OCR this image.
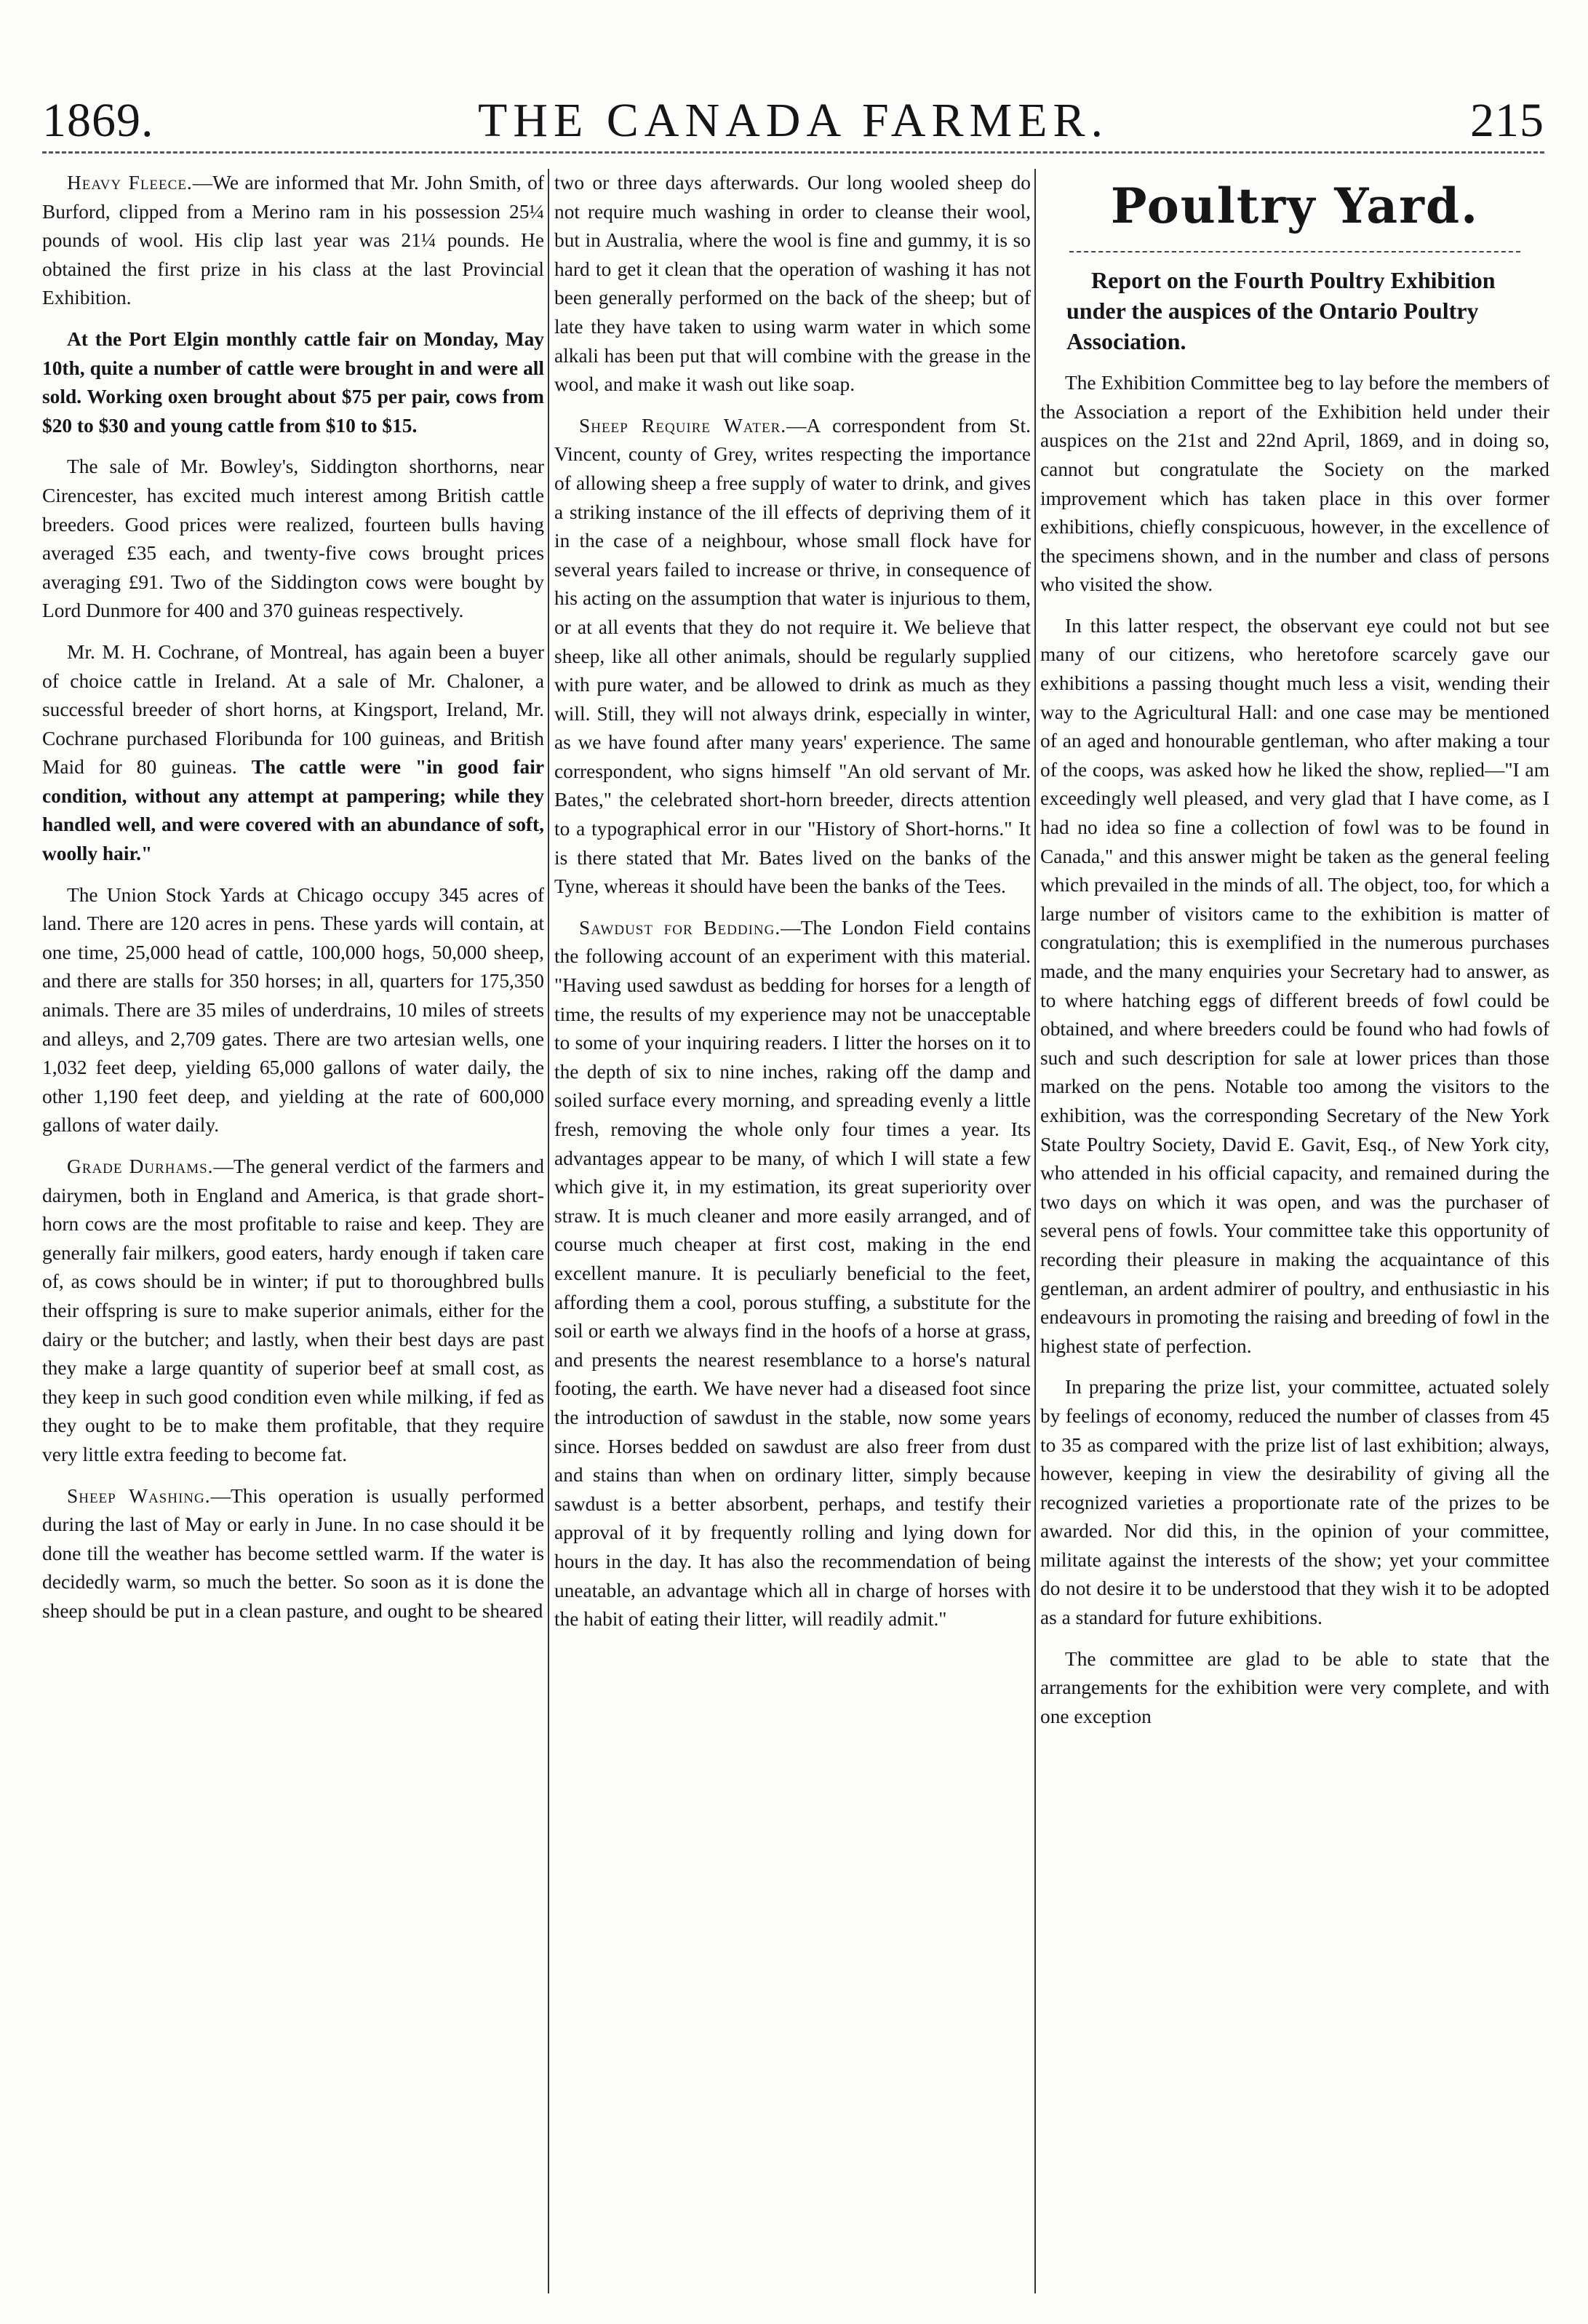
1869.	THE CANADA FARMER.	215

Heavy Fleece.—We are informed that Mr. John Smith, of Burford, clipped from a Merino ram in his possession 25¼ pounds of wool. His clip last year was 21¼ pounds. He obtained the first prize in his class at the last Provincial Exhibition.

At the Port Elgin monthly cattle fair on Monday, May 10th, quite a number of cattle were brought in and were all sold. Working oxen brought about $75 per pair, cows from $20 to $30 and young cattle from $10 to $15.

The sale of Mr. Bowley's, Siddington shorthorns, near Cirencester, has excited much interest among British cattle breeders. Good prices were realized, fourteen bulls having averaged £35 each, and twenty-five cows brought prices averaging £91. Two of the Siddington cows were bought by Lord Dunmore for 400 and 370 guineas respectively.

Mr. M. H. Cochrane, of Montreal, has again been a buyer of choice cattle in Ireland. At a sale of Mr. Chaloner, a successful breeder of short horns, at Kingsport, Ireland, Mr. Cochrane purchased Floribunda for 100 guineas, and British Maid for 80 guineas. The cattle were "in good fair condition, without any attempt at pampering; while they handled well, and were covered with an abundance of soft, woolly hair."

The Union Stock Yards at Chicago occupy 345 acres of land. There are 120 acres in pens. These yards will contain, at one time, 25,000 head of cattle, 100,000 hogs, 50,000 sheep, and there are stalls for 350 horses; in all, quarters for 175,350 animals. There are 35 miles of underdrains, 10 miles of streets and alleys, and 2,709 gates. There are two artesian wells, one 1,032 feet deep, yielding 65,000 gallons of water daily, the other 1,190 feet deep, and yielding at the rate of 600,000 gallons of water daily.

Grade Durhams.—The general verdict of the farmers and dairymen, both in England and America, is that grade short-horn cows are the most profitable to raise and keep. They are generally fair milkers, good eaters, hardy enough if taken care of, as cows should be in winter; if put to thoroughbred bulls their offspring is sure to make superior animals, either for the dairy or the butcher; and lastly, when their best days are past they make a large quantity of superior beef at small cost, as they keep in such good condition even while milking, if fed as they ought to be to make them profitable, that they require very little extra feeding to become fat.

Sheep Washing.—This operation is usually performed during the last of May or early in June. In no case should it be done till the weather has become settled warm. If the water is decidedly warm, so much the better. So soon as it is done the sheep should be put in a clean pasture, and ought to be sheared

two or three days afterwards. Our long wooled sheep do not require much washing in order to cleanse their wool, but in Australia, where the wool is fine and gummy, it is so hard to get it clean that the operation of washing it has not been generally performed on the back of the sheep; but of late they have taken to using warm water in which some alkali has been put that will combine with the grease in the wool, and make it wash out like soap.

Sheep Require Water.—A correspondent from St. Vincent, county of Grey, writes respecting the importance of allowing sheep a free supply of water to drink, and gives a striking instance of the ill effects of depriving them of it in the case of a neighbour, whose small flock have for several years failed to increase or thrive, in consequence of his acting on the assumption that water is injurious to them, or at all events that they do not require it. We believe that sheep, like all other animals, should be regularly supplied with pure water, and be allowed to drink as much as they will. Still, they will not always drink, especially in winter, as we have found after many years' experience. The same correspondent, who signs himself "An old servant of Mr. Bates," the celebrated short-horn breeder, directs attention to a typographical error in our "History of Short-horns." It is there stated that Mr. Bates lived on the banks of the Tyne, whereas it should have been the banks of the Tees.

Sawdust for Bedding.—The London Field contains the following account of an experiment with this material. "Having used sawdust as bedding for horses for a length of time, the results of my experience may not be unacceptable to some of your inquiring readers. I litter the horses on it to the depth of six to nine inches, raking off the damp and soiled surface every morning, and spreading evenly a little fresh, removing the whole only four times a year. Its advantages appear to be many, of which I will state a few which give it, in my estimation, its great superiority over straw. It is much cleaner and more easily arranged, and of course much cheaper at first cost, making in the end excellent manure. It is peculiarly beneficial to the feet, affording them a cool, porous stuffing, a substitute for the soil or earth we always find in the hoofs of a horse at grass, and presents the nearest resemblance to a horse's natural footing, the earth. We have never had a diseased foot since the introduction of sawdust in the stable, now some years since. Horses bedded on sawdust are also freer from dust and stains than when on ordinary litter, simply because sawdust is a better absorbent, perhaps, and testify their approval of it by frequently rolling and lying down for hours in the day. It has also the recommendation of being uneatable, an advantage which all in charge of horses with the habit of eating their litter, will readily admit."

Poultry Yard.

Report on the Fourth Poultry Exhibition under the auspices of the Ontario Poultry Association.

The Exhibition Committee beg to lay before the members of the Association a report of the Exhibition held under their auspices on the 21st and 22nd April, 1869, and in doing so, cannot but congratulate the Society on the marked improvement which has taken place in this over former exhibitions, chiefly conspicuous, however, in the excellence of the specimens shown, and in the number and class of persons who visited the show.

In this latter respect, the observant eye could not but see many of our citizens, who heretofore scarcely gave our exhibitions a passing thought much less a visit, wending their way to the Agricultural Hall: and one case may be mentioned of an aged and honourable gentleman, who after making a tour of the coops, was asked how he liked the show, replied—"I am exceedingly well pleased, and very glad that I have come, as I had no idea so fine a collection of fowl was to be found in Canada," and this answer might be taken as the general feeling which prevailed in the minds of all. The object, too, for which a large number of visitors came to the exhibition is matter of congratulation; this is exemplified in the numerous purchases made, and the many enquiries your Secretary had to answer, as to where hatching eggs of different breeds of fowl could be obtained, and where breeders could be found who had fowls of such and such description for sale at lower prices than those marked on the pens. Notable too among the visitors to the exhibition, was the corresponding Secretary of the New York State Poultry Society, David E. Gavit, Esq., of New York city, who attended in his official capacity, and remained during the two days on which it was open, and was the purchaser of several pens of fowls. Your committee take this opportunity of recording their pleasure in making the acquaintance of this gentleman, an ardent admirer of poultry, and enthusiastic in his endeavours in promoting the raising and breeding of fowl in the highest state of perfection.

In preparing the prize list, your committee, actuated solely by feelings of economy, reduced the number of classes from 45 to 35 as compared with the prize list of last exhibition; always, however, keeping in view the desirability of giving all the recognized varieties a proportionate rate of the prizes to be awarded. Nor did this, in the opinion of your committee, militate against the interests of the show; yet your committee do not desire it to be understood that they wish it to be adopted as a standard for future exhibitions.

The committee are glad to be able to state that the arrangements for the exhibition were very complete, and with one exception
